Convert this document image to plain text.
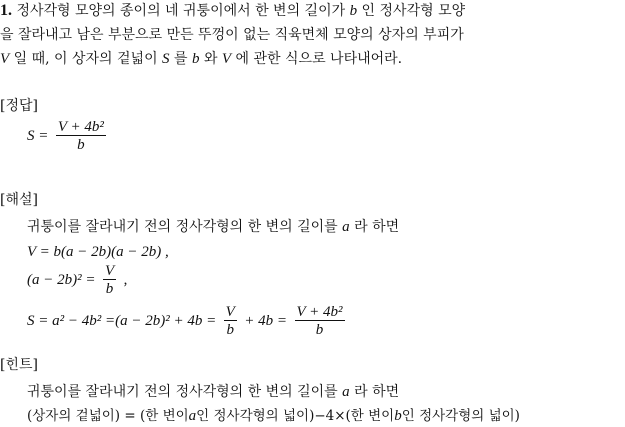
1. 정사각형 모양의 종이의 네 귀퉁이에서 한 변의 길이가 b 인 정사각형 모양
을 잘라내고 남은 부분으로 만든 뚜껑이 없는 직육면체 모양의 상자의 부피가
V 일 때, 이 상자의 겉넓이 S 를 b 와 V 에 관한 식으로 나타내어라.
[정답]
$S = \frac{\text{V + 4b²}}{b}$
[해설]
귀퉁이를 잘라내기 전의 정사각형의 한 변의 길이를 a 라 하면
V = b(a − 2b)(a − 2b) ,
$(a - 2b)^2 = \frac{V}{b}$ ,
$S = a^2 - 4b^2 =(a - 2b)^2 + 4b = \frac{V}{b} + 4b = \frac{\text{V + 4b²}}{b}$
[힌트]
귀퉁이를 잘라내기 전의 정사각형의 한 변의 길이를 a 라 하면
(상자의 겉넓이) = (한 변이a인 정사각형의 넓이)−4×(한 변이b인 정사각형의 넓이)
